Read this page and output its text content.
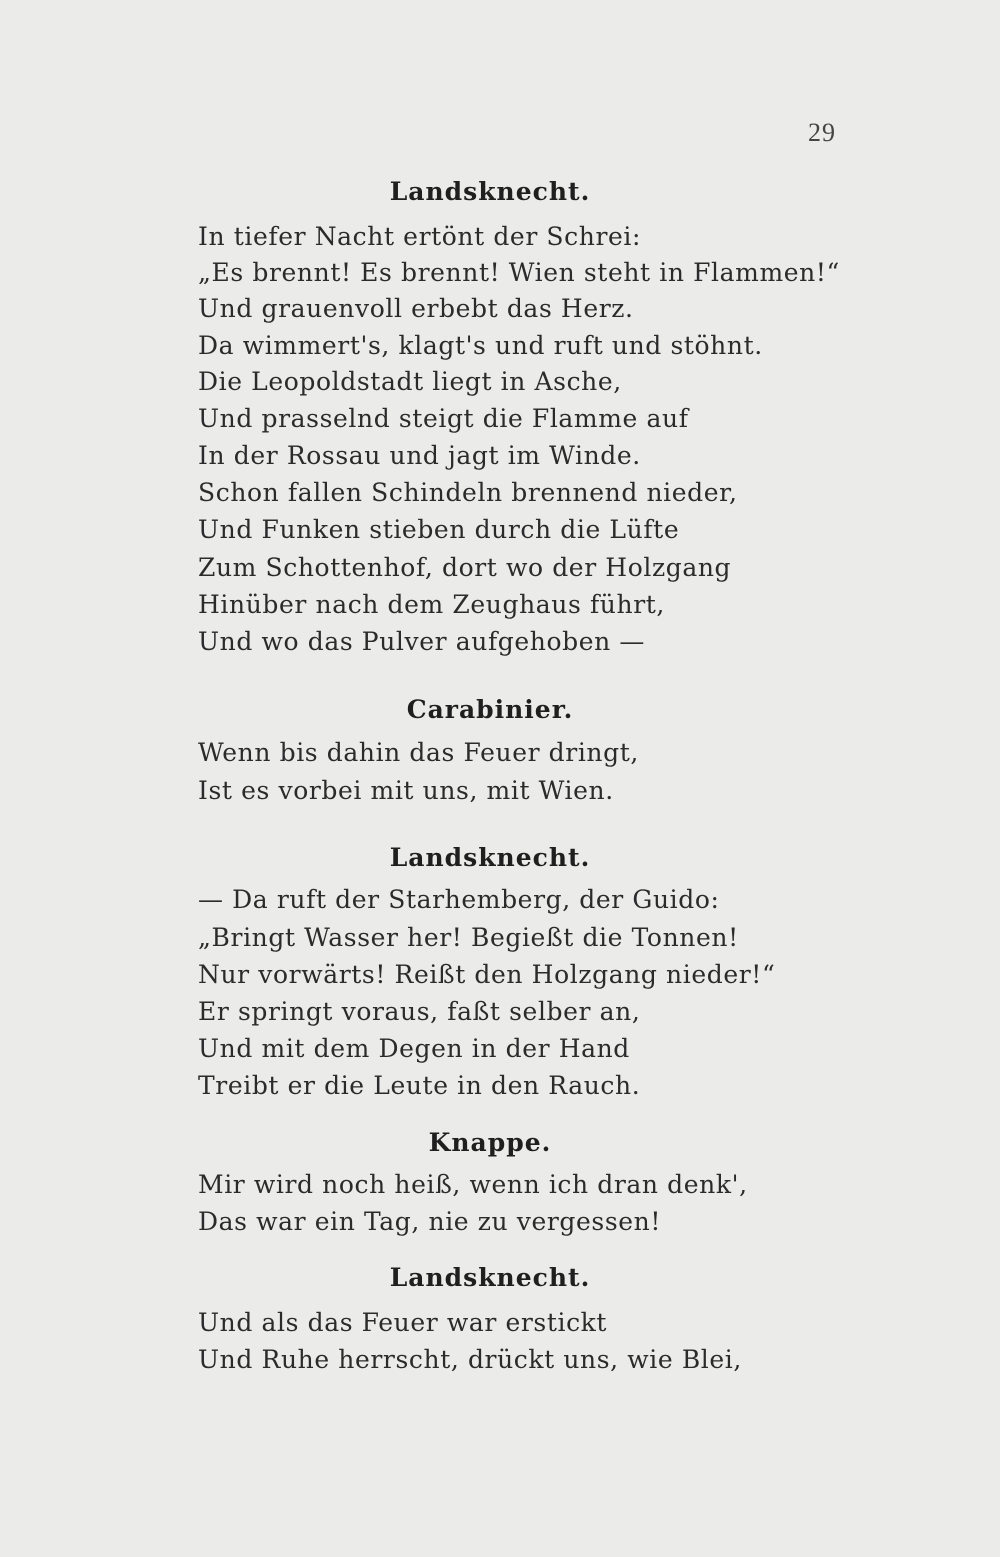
29
Landsknecht.
In tiefer Nacht ertönt der Schrei:
„Es brennt! Es brennt! Wien steht in Flammen!“
Und grauenvoll erbebt das Herz.
Da wimmert's, klagt's und ruft und stöhnt.
Die Leopoldstadt liegt in Asche,
Und prasselnd steigt die Flamme auf
In der Rossau und jagt im Winde.
Schon fallen Schindeln brennend nieder,
Und Funken stieben durch die Lüfte
Zum Schottenhof, dort wo der Holzgang
Hinüber nach dem Zeughaus führt,
Und wo das Pulver aufgehoben —
Carabinier.
Wenn bis dahin das Feuer dringt,
Ist es vorbei mit uns, mit Wien.
Landsknecht.
— Da ruft der Starhemberg, der Guido:
„Bringt Wasser her! Begießt die Tonnen!
Nur vorwärts! Reißt den Holzgang nieder!“
Er springt voraus, faßt selber an,
Und mit dem Degen in der Hand
Treibt er die Leute in den Rauch.
Knappe.
Mir wird noch heiß, wenn ich dran denk',
Das war ein Tag, nie zu vergessen!
Landsknecht.
Und als das Feuer war erstickt
Und Ruhe herrscht, drückt uns, wie Blei,
